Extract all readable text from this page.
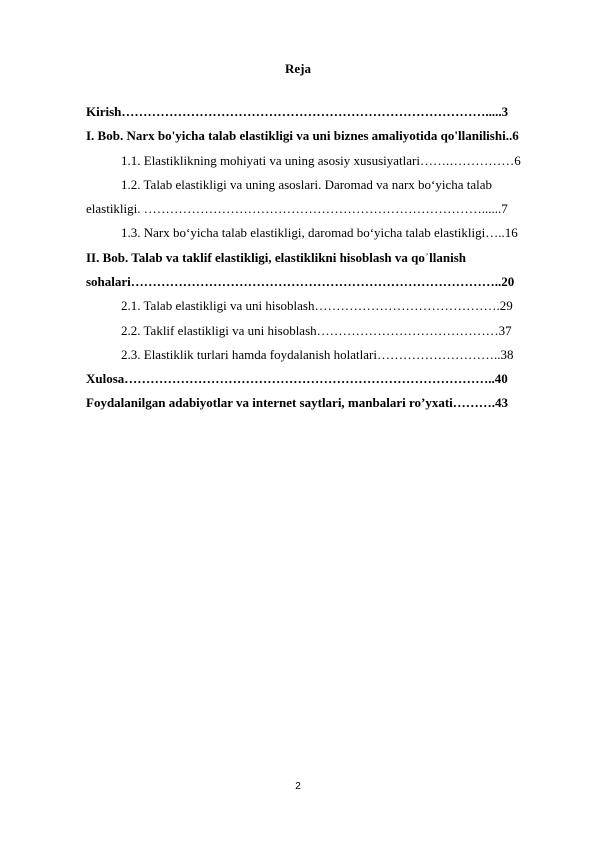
Reja
Kirish………………………………………………………………………….....3
I. Bob. Narx bo'yicha talab elastikligi va uni biznes amaliyotida qo'llanilishi..6
1.1. Elastiklikning mohiyati va uning asosiy xususiyatlari…….……………6
1.2. Talab elastikligi va uning asoslari. Daromad va narx bo‘yicha talab
elastikligi. ……………………………………………………………………......7
1.3. Narx bo‘yicha talab elastikligi, daromad bo‘yicha talab elastikligi…..16
II. Bob. Talab va taklif elastikligi, elastiklikni hisoblash va qoʾllanish
sohalari…………………………………………………………………………..20
2.1. Talab elastikligi va uni hisoblash…………………………………….29
2.2. Taklif elastikligi va uni hisoblash……………………………………37
2.3. Elastiklik turlari hamda foydalanish holatlari………………………..38
Xulosa…………………………………………………………………………..40
Foydalanilgan adabiyotlar va internet saytlari, manbalari ro’yxati……….43
2
